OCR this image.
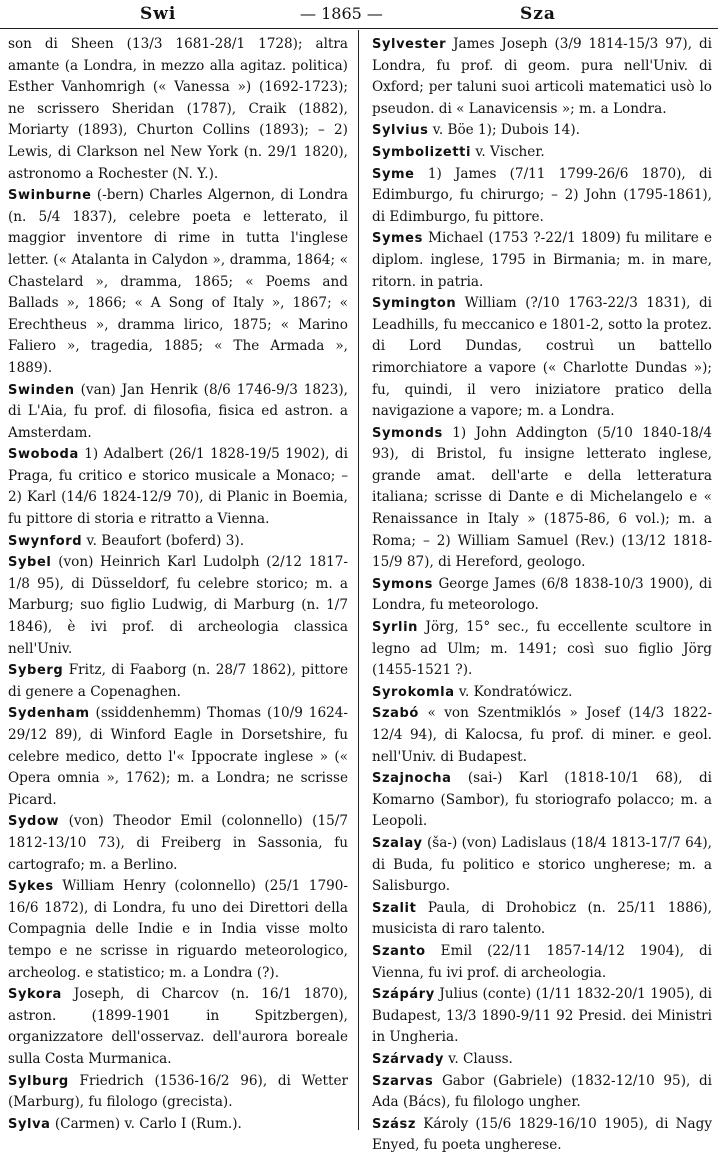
Swi	— 1865 —	Sza

son di Sheen (13/3 1681-28/1 1728); altra amante (a Londra, in mezzo alla agitaz. politica) Esther Vanhomrigh (« Vanessa ») (1692-1723); ne scrissero Sheridan (1787), Craik (1882), Moriarty (1893), Churton Collins (1893); – 2) Lewis, di Clarkson nel New York (n. 29/1 1820), astronomo a Rochester (N. Y.).

Swinburne (-bern) Charles Algernon, di Londra (n. 5/4 1837), celebre poeta e letterato, il maggior inventore di rime in tutta l'inglese letter. (« Atalanta in Calydon », dramma, 1864; « Chastelard », dramma, 1865; « Poems and Ballads », 1866; « A Song of Italy », 1867; « Erechtheus », dramma lirico, 1875; « Marino Faliero », tragedia, 1885; « The Armada », 1889).

Swinden (van) Jan Henrik (8/6 1746-9/3 1823), di L'Aia, fu prof. di filosofia, fisica ed astron. a Amsterdam.

Swoboda 1) Adalbert (26/1 1828-19/5 1902), di Praga, fu critico e storico musicale a Monaco; – 2) Karl (14/6 1824-12/9 70), di Planic in Boemia, fu pittore di storia e ritratto a Vienna.

Swynford v. Beaufort (boferd) 3).

Sybel (von) Heinrich Karl Ludolph (2/12 1817-1/8 95), di Düsseldorf, fu celebre storico; m. a Marburg; suo figlio Ludwig, di Marburg (n. 1/7 1846), è ivi prof. di archeologia classica nell'Univ.

Syberg Fritz, di Faaborg (n. 28/7 1862), pittore di genere a Copenaghen.

Sydenham (ssiddenhemm) Thomas (10/9 1624-29/12 89), di Winford Eagle in Dorsetshire, fu celebre medico, detto l'« Ippocrate inglese » (« Opera omnia », 1762); m. a Londra; ne scrisse Picard.

Sydow (von) Theodor Emil (colonnello) (15/7 1812-13/10 73), di Freiberg in Sassonia, fu cartografo; m. a Berlino.

Sykes William Henry (colonnello) (25/1 1790-16/6 1872), di Londra, fu uno dei Direttori della Compagnia delle Indie e in India visse molto tempo e ne scrisse in riguardo meteorologico, archeolog. e statistico; m. a Londra (?).

Sykora Joseph, di Charcov (n. 16/1 1870), astron. (1899-1901 in Spitzbergen), organizzatore dell'osservaz. dell'aurora boreale sulla Costa Murmanica.

Sylburg Friedrich (1536-16/2 96), di Wetter (Marburg), fu filologo (grecista).

Sylva (Carmen) v. Carlo I (Rum.).

Sylvester James Joseph (3/9 1814-15/3 97), di Londra, fu prof. di geom. pura nell'Univ. di Oxford; per taluni suoi articoli matematici usò lo pseudon. di « Lanavicensis »; m. a Londra.

Sylvius v. Böe 1); Dubois 14).

Symbolizetti v. Vischer.

Syme 1) James (7/11 1799-26/6 1870), di Edimburgo, fu chirurgo; – 2) John (1795-1861), di Edimburgo, fu pittore.

Symes Michael (1753 ?-22/1 1809) fu militare e diplom. inglese, 1795 in Birmania; m. in mare, ritorn. in patria.

Symington William (?/10 1763-22/3 1831), di Leadhills, fu meccanico e 1801-2, sotto la protez. di Lord Dundas, costruì un battello rimorchiatore a vapore (« Charlotte Dundas »); fu, quindi, il vero iniziatore pratico della navigazione a vapore; m. a Londra.

Symonds 1) John Addington (5/10 1840-18/4 93), di Bristol, fu insigne letterato inglese, grande amat. dell'arte e della letteratura italiana; scrisse di Dante e di Michelangelo e « Renaissance in Italy » (1875-86, 6 vol.); m. a Roma; – 2) William Samuel (Rev.) (13/12 1818-15/9 87), di Hereford, geologo.

Symons George James (6/8 1838-10/3 1900), di Londra, fu meteorologo.

Syrlin Jörg, 15° sec., fu eccellente scultore in legno ad Ulm; m. 1491; così suo figlio Jörg (1455-1521 ?).

Syrokomla v. Kondratówicz.

Szabó « von Szentmiklós » Josef (14/3 1822-12/4 94), di Kalocsa, fu prof. di miner. e geol. nell'Univ. di Budapest.

Szajnocha (sai-) Karl (1818-10/1 68), di Komarno (Sambor), fu storiografo polacco; m. a Leopoli.

Szalay (ša-) (von) Ladislaus (18/4 1813-17/7 64), di Buda, fu politico e storico ungherese; m. a Salisburgo.

Szalit Paula, di Drohobicz (n. 25/11 1886), musicista di raro talento.

Szanto Emil (22/11 1857-14/12 1904), di Vienna, fu ivi prof. di archeologia.

Szápáry Julius (conte) (1/11 1832-20/1 1905), di Budapest, 13/3 1890-9/11 92 Presid. dei Ministri in Ungheria.

Szárvady v. Clauss.

Szarvas Gabor (Gabriele) (1832-12/10 95), di Ada (Bács), fu filologo ungher.

Szász Károly (15/6 1829-16/10 1905), di Nagy Enyed, fu poeta ungherese.
